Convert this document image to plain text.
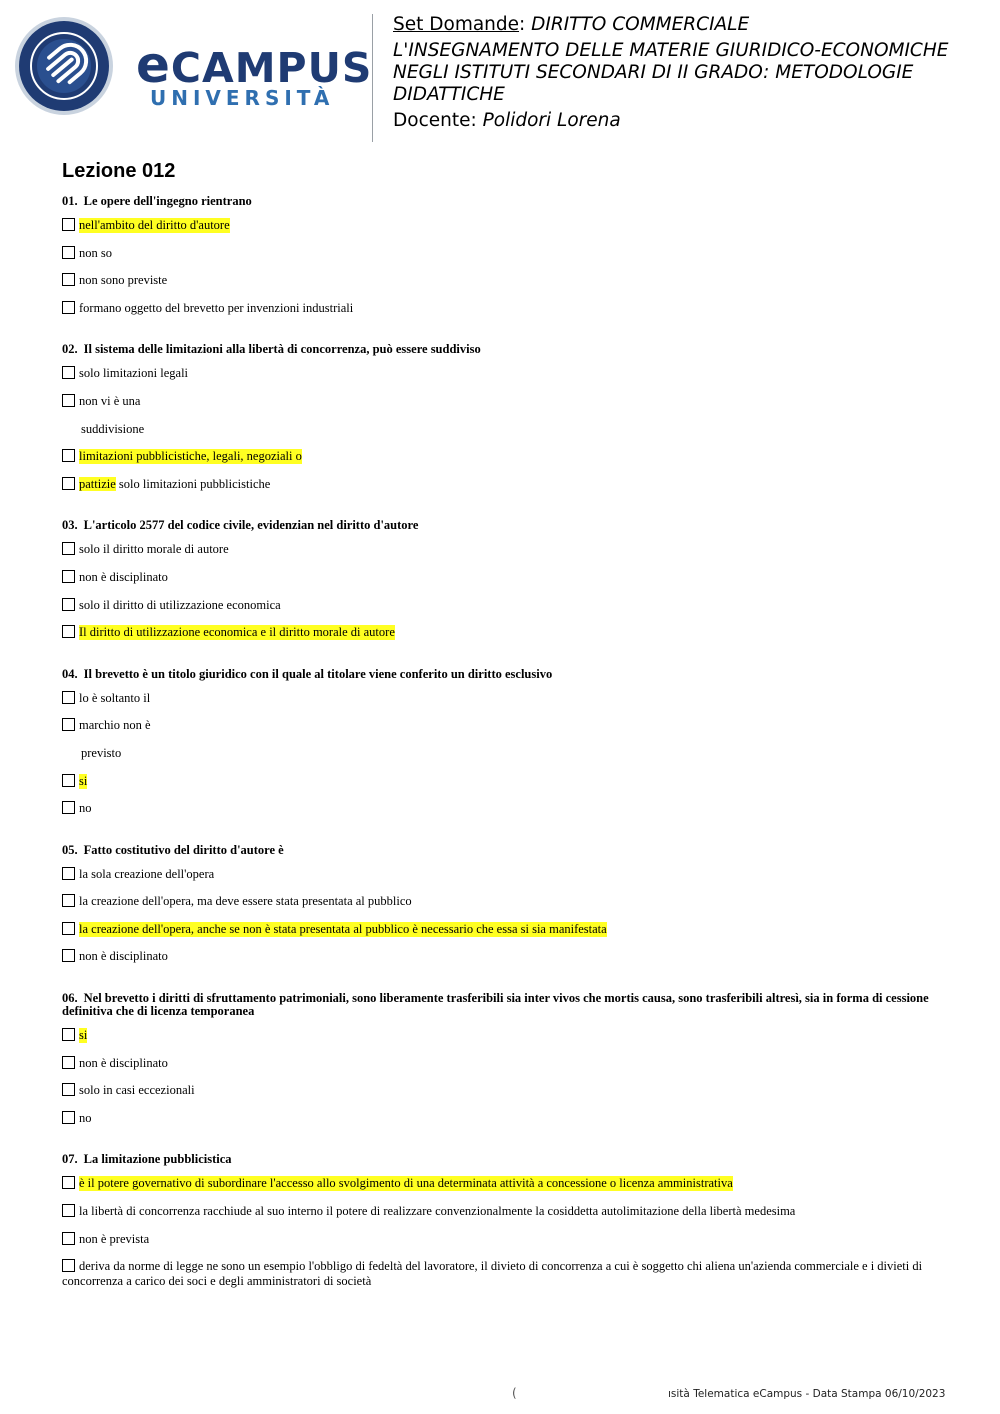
eCAMPUS
UNIVERSITÀ
Set Domande: DIRITTO COMMERCIALE
L'INSEGNAMENTO DELLE MATERIE GIURIDICO-ECONOMICHE NEGLI ISTITUTI SECONDARI DI II GRADO: METODOLOGIE DIDATTICHE
Docente: Polidori Lorena
Lezione 012
01. Le opere dell'ingegno rientrano
nell'ambito del diritto d'autore
non so
non sono previste
formano oggetto del brevetto per invenzioni industriali
02. Il sistema delle limitazioni alla libertà di concorrenza, può essere suddiviso
solo limitazioni legali
non vi è una
suddivisione
limitazioni pubblicistiche, legali, negoziali o
pattizie solo limitazioni pubblicistiche
03. L'articolo 2577 del codice civile, evidenzian nel diritto d'autore
solo il diritto morale di autore
non è disciplinato
solo il diritto di utilizzazione economica
Il diritto di utilizzazione economica e il diritto morale di autore
04. Il brevetto è un titolo giuridico con il quale al titolare viene conferito un diritto esclusivo
lo è soltanto il
marchio non è
previsto
si
no
05. Fatto costitutivo del diritto d'autore è
la sola creazione dell'opera
la creazione dell'opera, ma deve essere stata presentata al pubblico
la creazione dell'opera, anche se non è stata presentata al pubblico è necessario che essa si sia manifestata
non è disciplinato
06. Nel brevetto i diritti di sfruttamento patrimoniali, sono liberamente trasferibili sia inter vivos che mortis causa, sono trasferibili altresì, sia in forma di cessione definitiva che di licenza temporanea
si
non è disciplinato
solo in casi eccezionali
no
07. La limitazione pubblicistica
è il potere governativo di subordinare l'accesso allo svolgimento di una determinata attività a concessione o licenza amministrativa
la libertà di concorrenza racchiude al suo interno il potere di realizzare convenzionalmente la cosiddetta autolimitazione della libertà medesima
non è prevista
deriva da norme di legge ne sono un esempio l'obbligo di fedeltà del lavoratore, il divieto di concorrenza a cui è soggetto chi aliena un'azienda commerciale e i divieti di concorrenza a carico dei soci e degli amministratori di società
(	ısità Telematica eCampus - Data Stampa 06/10/2023
